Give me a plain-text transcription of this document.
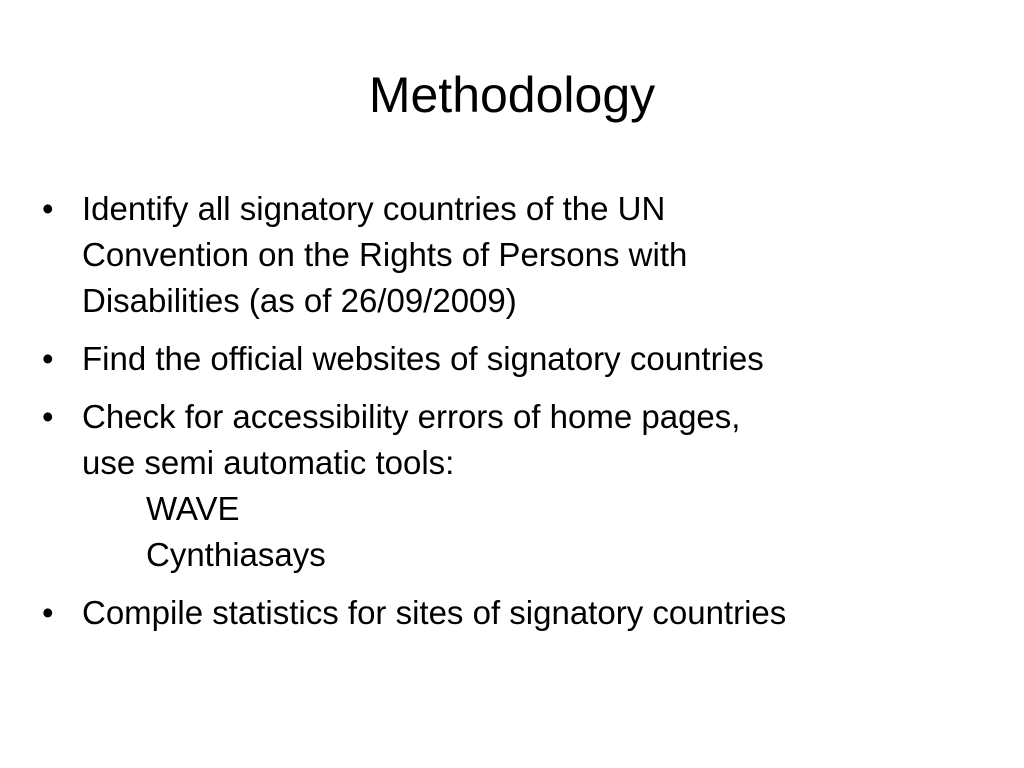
Methodology
• Identify all signatory countries of the UN
Convention on the Rights of Persons with
Disabilities (as of 26/09/2009)
• Find the official websites of signatory countries
• Check for accessibility errors of home pages,
use semi automatic tools:
WAVE
Cynthiasays
• Compile statistics for sites of signatory countries
